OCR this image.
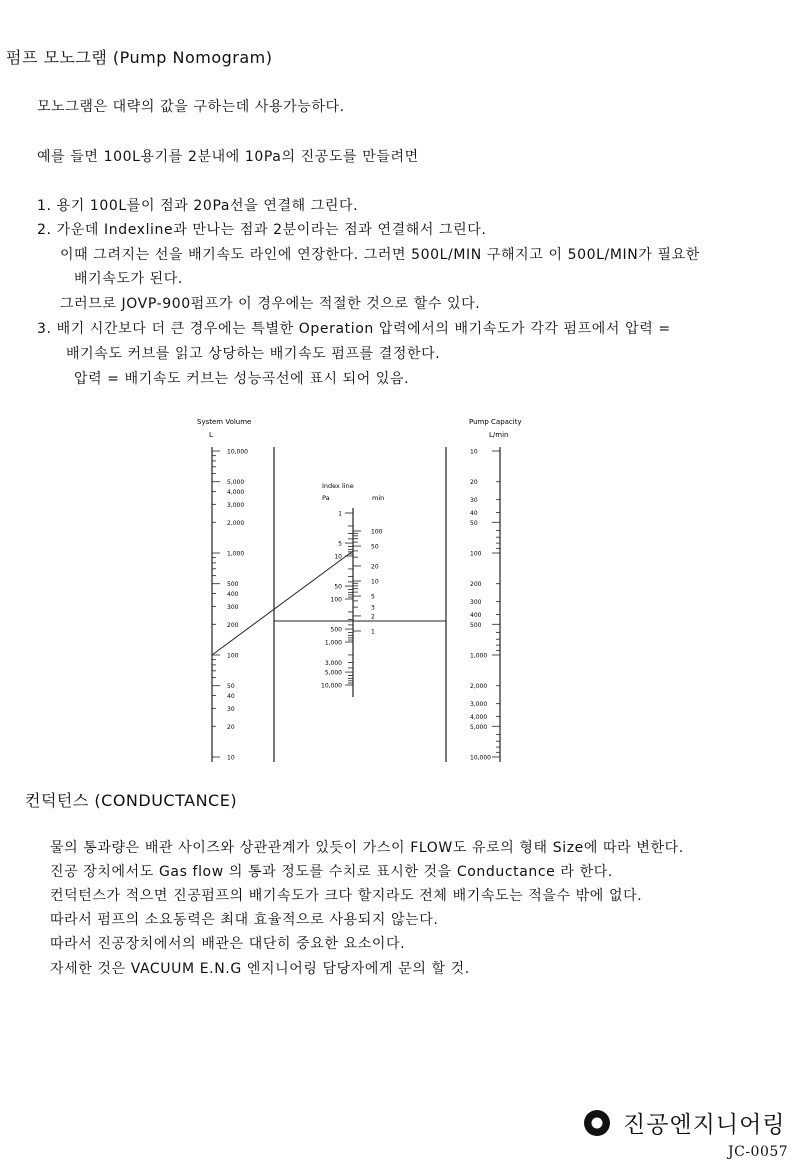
펌프 모노그램 (Pump Nomogram)
모노그램은 대략의 값을 구하는데 사용가능하다.
예를 들면 100L용기를 2분내에 10Pa의 진공도를 만들려면
1. 용기 100L를이 점과 20Pa선을 연결해 그린다.
2. 가운데 Indexline과 만나는 점과 2분이라는 점과 연결해서 그린다.
이때 그려지는 선을 배기속도 라인에 연장한다. 그러면 500L/MIN 구해지고 이 500L/MIN가 필요한
배기속도가 된다.
그러므로 JOVP-900펌프가 이 경우에는 적절한 것으로 할수 있다.
3. 배기 시간보다 더 큰 경우에는 특별한 Operation 압력에서의 배기속도가 각각 펌프에서 압력 =
배기속도 커브를 읽고 상당하는 배기속도 펌프를 결정한다.
압력 = 배기속도 커브는 성능곡선에 표시 되어 있음.
System Volume
L
Pump Capacity
L/min
Index line
Pa	min
10,000
5,000
4,000
3,000
2,000
1,000
500
400
300
200
100
50
40
30
20
10
10
20
30
40
50
100
200
300
400
500
1,000
2,000
3,000
4,000
5,000
10,000
1
5
10
50
100
500
1,000
3,000
5,000
10,000
100
50
20
10
5
3
2
1
컨덕턴스 (CONDUCTANCE)
물의 통과량은 배관 사이즈와 상관관계가 있듯이 가스이 FLOW도 유로의 형태 Size에 따라 변한다.
진공 장치에서도 Gas flow 의 통과 정도를 수치로 표시한 것을 Conductance 라 한다.
컨덕턴스가 적으면 진공펌프의 배기속도가 크다 할지라도 전체 배기속도는 적을수 밖에 없다.
따라서 펌프의 소요동력은 최대 효율적으로 사용되지 않는다.
따라서 진공장치에서의 배관은 대단히 중요한 요소이다.
자세한 것은 VACUUM E.N.G 엔지니어링 담당자에게 문의 할 것.
진공엔지니어링
JC-0057
